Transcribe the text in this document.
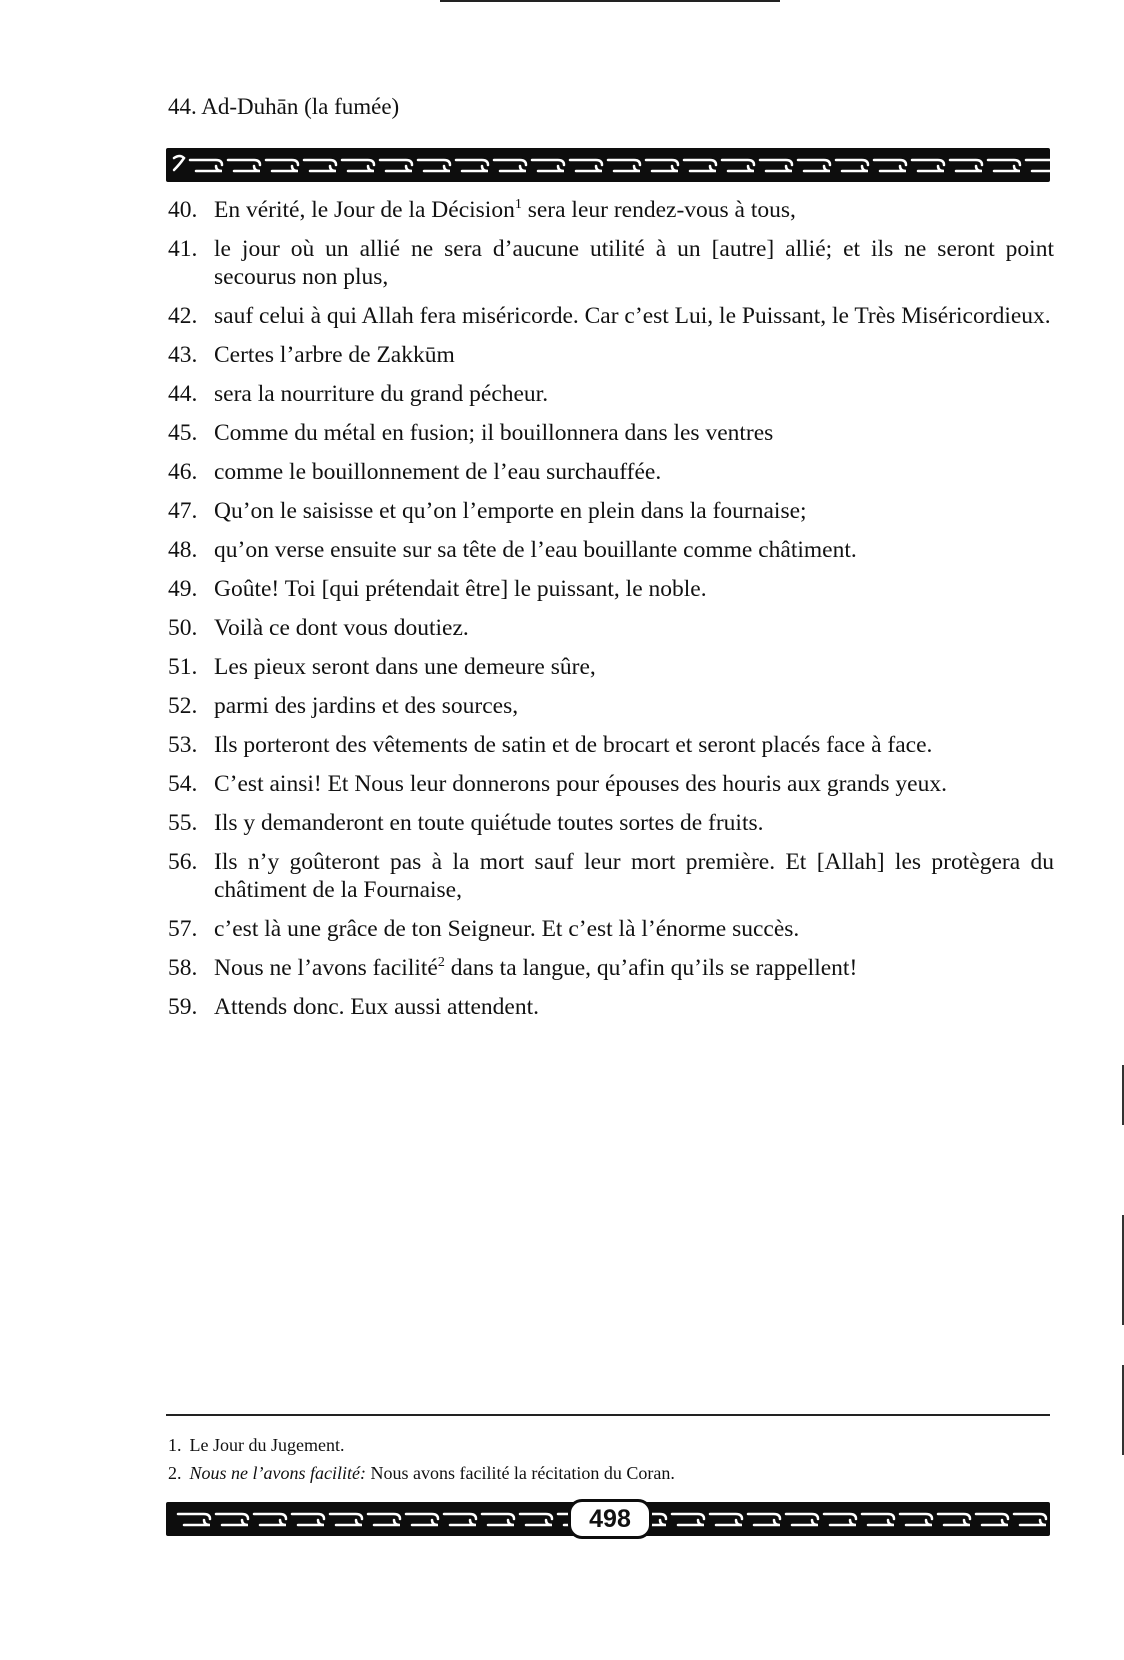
44. Ad-Duhān (la fumée)
40. En vérité, le Jour de la Décision$^1$ sera leur rendez-vous à tous,
41. le jour où un allié ne sera d’aucune utilité à un [autre] allié; et ils ne seront point secourus non plus,
42. sauf celui à qui Allah fera miséricorde. Car c’est Lui, le Puissant, le Très Miséricordieux.
43. Certes l’arbre de Zakkūm
44. sera la nourriture du grand pécheur.
45. Comme du métal en fusion; il bouillonnera dans les ventres
46. comme le bouillonnement de l’eau surchauffée.
47. Qu’on le saisisse et qu’on l’emporte en plein dans la fournaise;
48. qu’on verse ensuite sur sa tête de l’eau bouillante comme châtiment.
49. Goûte! Toi [qui prétendait être] le puissant, le noble.
50. Voilà ce dont vous doutiez.
51. Les pieux seront dans une demeure sûre,
52. parmi des jardins et des sources,
53. Ils porteront des vêtements de satin et de brocart et seront placés face à face.
54. C’est ainsi! Et Nous leur donnerons pour épouses des houris aux grands yeux.
55. Ils y demanderont en toute quiétude toutes sortes de fruits.
56. Ils n’y goûteront pas à la mort sauf leur mort première. Et [Allah] les protègera du châtiment de la Fournaise,
57. c’est là une grâce de ton Seigneur. Et c’est là l’énorme succès.
58. Nous ne l’avons facilité$^2$ dans ta langue, qu’afin qu’ils se rappellent!
59. Attends donc. Eux aussi attendent.
1. Le Jour du Jugement.
2. Nous ne l’avons facilité: Nous avons facilité la récitation du Coran.
498
